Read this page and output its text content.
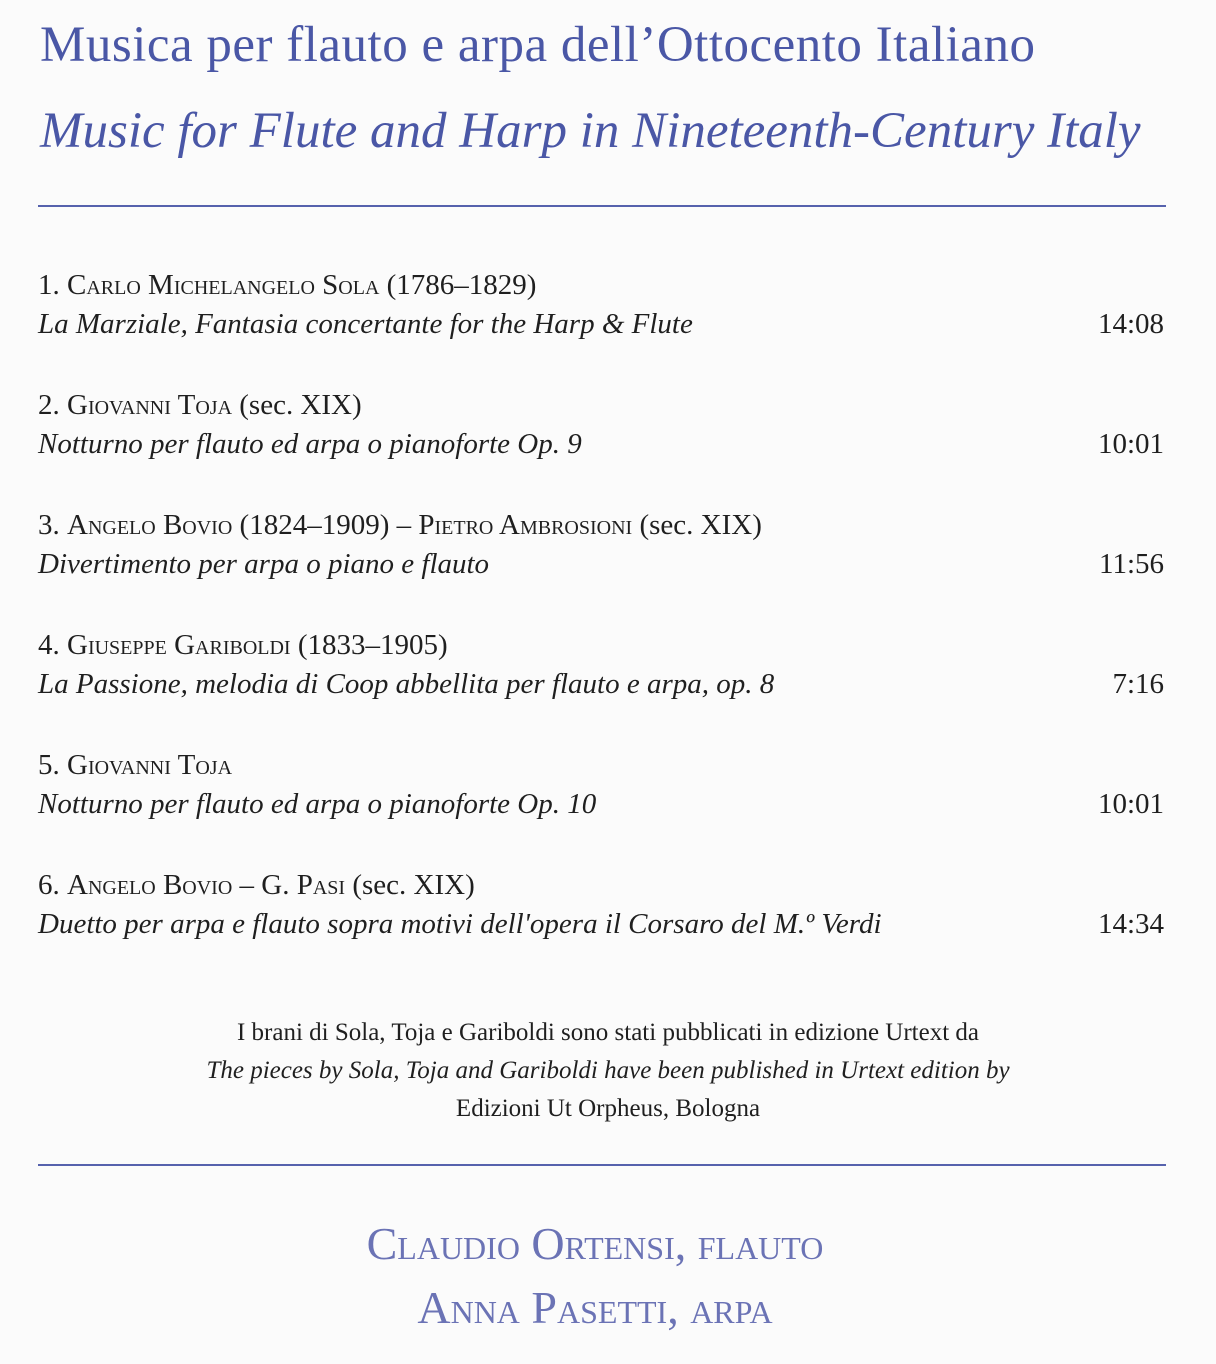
Musica per flauto e arpa dell’Ottocento Italiano
Music for Flute and Harp in Nineteenth-Century Italy
1. Carlo Michelangelo Sola (1786–1829)
La Marziale, Fantasia concertante for the Harp & Flute	14:08
2. Giovanni Toja (sec. XIX)
Notturno per flauto ed arpa o pianoforte Op. 9	10:01
3. Angelo Bovio (1824–1909) – Pietro Ambrosioni (sec. XIX)
Divertimento per arpa o piano e flauto	11:56
4. Giuseppe Gariboldi (1833–1905)
La Passione, melodia di Coop abbellita per flauto e arpa, op. 8	7:16
5. Giovanni Toja
Notturno per flauto ed arpa o pianoforte Op. 10	10:01
6. Angelo Bovio – G. Pasi (sec. XIX)
Duetto per arpa e flauto sopra motivi dell'opera il Corsaro del M.º Verdi	14:34
I brani di Sola, Toja e Gariboldi sono stati pubblicati in edizione Urtext da
The pieces by Sola, Toja and Gariboldi have been published in Urtext edition by
Edizioni Ut Orpheus, Bologna
Claudio Ortensi, flauto
Anna Pasetti, arpa
